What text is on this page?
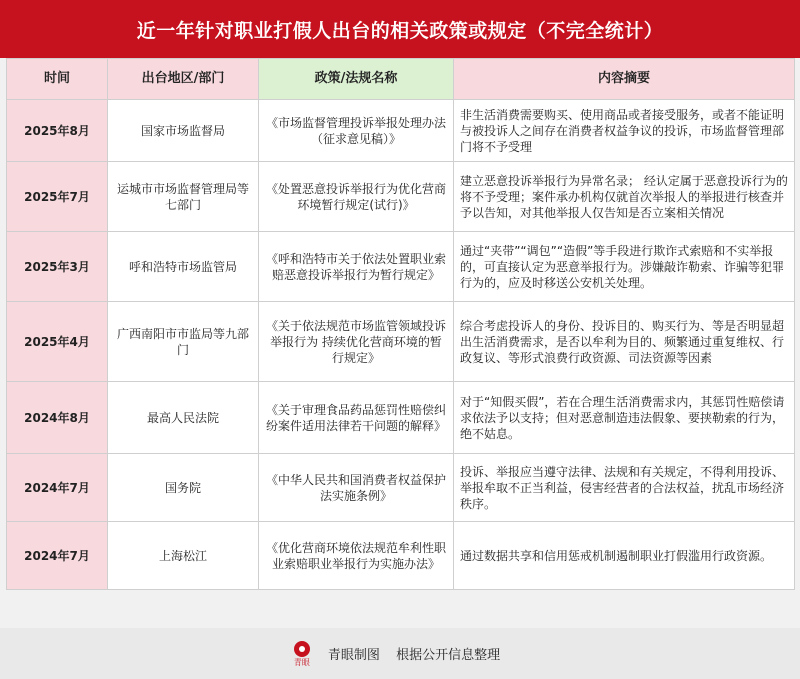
近一年针对职业打假人出台的相关政策或规定（不完全统计）
时间	出台地区/部门	政策/法规名称	内容摘要
2025年8月	国家市场监督局	《市场监督管理投诉举报处理办法（征求意见稿）》	非生活消费需要购买、使用商品或者接受服务，或者不能证明与被投诉人之间存在消费者权益争议的投诉，市场监督管理部门将不予受理
2025年7月	运城市市场监督管理局等七部门	《处置恶意投诉举报行为优化营商环境暂行规定(试行)》	建立恶意投诉举报行为异常名录； 经认定属于恶意投诉行为的将不予受理；案件承办机构仅就首次举报人的举报进行核查并予以告知，对其他举报人仅告知是否立案相关情况
2025年3月	呼和浩特市场监管局	《呼和浩特市关于依法处置职业索赔恶意投诉举报行为暂行规定》	通过“夹带”“调包”“造假”等手段进行欺诈式索赔和不实举报的，可直接认定为恶意举报行为。涉嫌敲诈勒索、诈骗等犯罪行为的，应及时移送公安机关处理。
2025年4月	广西南阳市市监局等九部门	《关于依法规范市场监管领域投诉举报行为 持续优化营商环境的暂行规定》	综合考虑投诉人的身份、投诉目的、购买行为、等是否明显超出生活消费需求，是否以牟利为目的、频繁通过重复维权、行政复议、等形式浪费行政资源、司法资源等因素
2024年8月	最高人民法院	《关于审理食品药品惩罚性赔偿纠纷案件适用法律若干问题的解释》	对于“知假买假”，若在合理生活消费需求内，其惩罚性赔偿请求依法予以支持；但对恶意制造违法假象、要挟勒索的行为，绝不姑息。
2024年7月	国务院	《中华人民共和国消费者权益保护法实施条例》	投诉、举报应当遵守法律、法规和有关规定，不得利用投诉、举报牟取不正当利益，侵害经营者的合法权益，扰乱市场经济秩序。
2024年7月	上海松江	《优化营商环境依法规范牟利性职业索赔职业举报行为实施办法》	通过数据共享和信用惩戒机制遏制职业打假滥用行政资源。
青眼	青眼制图 根据公开信息整理
